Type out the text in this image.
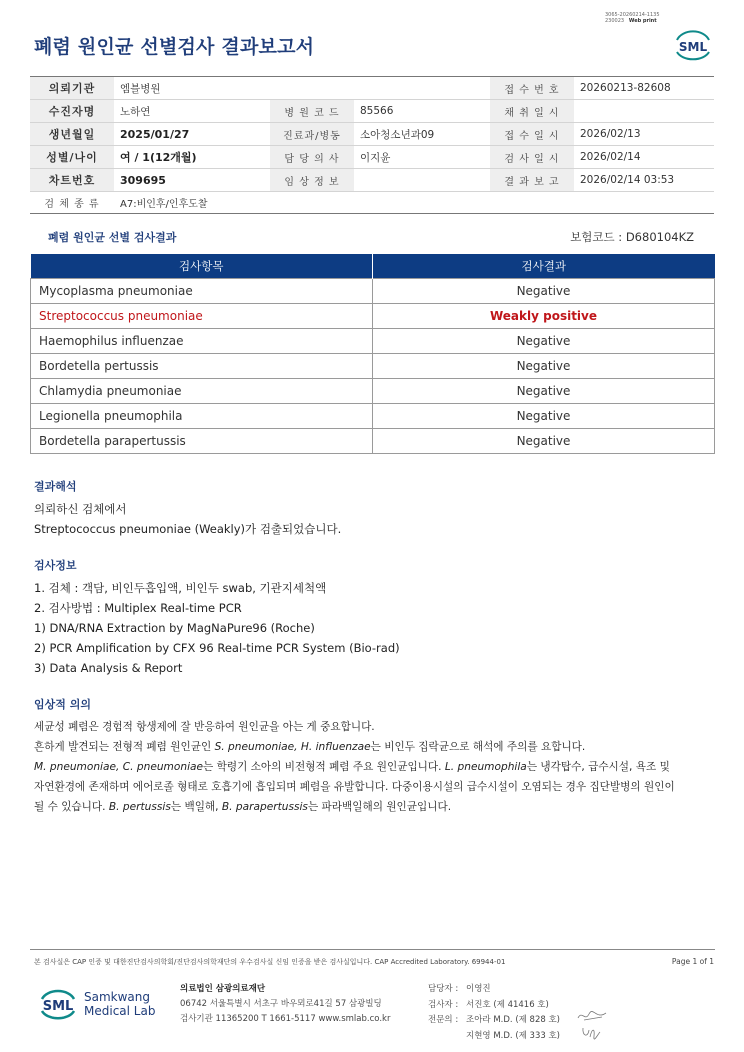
3065-20260214-1135
230023 Web print
폐렴 원인균 선별검사 결과보고서	SML
의뢰기관	엠블병원			접 수 번 호	20260213-82608
수진자명	노하연	병 원 코 드	85566	채 취 일 시	
생년월일	2025/01/27	진료과/병동	소아청소년과09	접 수 일 시	2026/02/13
성별/나이	여 / 1(12개월)	담 당 의 사	이지윤	검 사 일 시	2026/02/14
차트번호	309695	임 상 정 보		결 과 보 고	2026/02/14 03:53
검 체 종 류	A7:비인후/인후도찰				
폐렴 원인균 선별 검사결과	보험코드 : D680104KZ
검사항목	검사결과
Mycoplasma pneumoniae	Negative
Streptococcus pneumoniae	Weakly positive
Haemophilus influenzae	Negative
Bordetella pertussis	Negative
Chlamydia pneumoniae	Negative
Legionella pneumophila	Negative
Bordetella parapertussis	Negative
결과해석
의뢰하신 검체에서
Streptococcus pneumoniae (Weakly)가 검출되었습니다.
검사정보
1. 검체 : 객담, 비인두흡입액, 비인두 swab, 기관지세척액
2. 검사방법 : Multiplex Real-time PCR
1) DNA/RNA Extraction by MagNaPure96 (Roche)
2) PCR Amplification by CFX 96 Real-time PCR System (Bio-rad)
3) Data Analysis & Report
임상적 의의
세균성 폐렴은 경험적 항생제에 잘 반응하여 원인균을 아는 게 중요합니다.
흔하게 발견되는 전형적 폐렴 원인균인 S. pneumoniae, H. influenzae는 비인두 집락균으로 해석에 주의를 요합니다.
M. pneumoniae, C. pneumoniae는 학령기 소아의 비전형적 폐렴 주요 원인균입니다. L. pneumophila는 냉각탑수, 급수시설, 욕조 및
자연환경에 존재하며 에어로졸 형태로 호흡기에 흡입되며 폐렴을 유발합니다. 다중이용시설의 급수시설이 오염되는 경우 집단발병의 원인이
될 수 있습니다. B. pertussis는 백일해, B. parapertussis는 파라백일해의 원인균입니다.
본 검사실은 CAP 인증 및 대한진단검사의학회/진단검사의학재단의 우수검사실 신임 인증을 받은 검사실입니다. CAP Accredited Laboratory. 69944-01	Page 1 of 1
SML
Samkwang
Medical Lab
의료법인 삼광의료재단
06742 서울특별시 서초구 바우뫼로41길 57 삼광빌딩
검사기관 11365200 T 1661-5117 www.smlab.co.kr
담당자 : 이영진
검사자 : 서진호 (제 41416 호)
전문의 : 조아라 M.D. (제 828 호)
지현영 M.D. (제 333 호)
